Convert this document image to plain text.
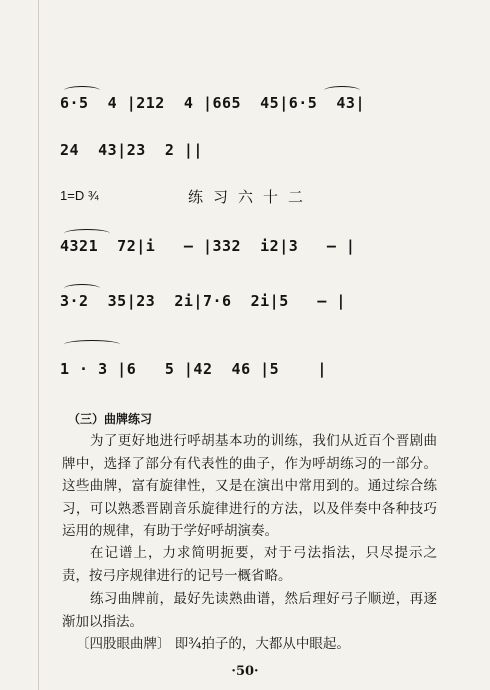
6·5  4 |212  4 |665  45|6·5  43|
24  43|23  2 ||
1=D ¾	练习六十二
4321  72|i   — |332  i2|3   — |
3·2  35|23  2i|7·6  2i|5   — |
1 · 3 |6   5 |42  46 |5    |
（三）曲牌练习
为了更好地进行呼胡基本功的训练，我们从近百个晋剧曲牌中，选择了部分有代表性的曲子，作为呼胡练习的一部分。这些曲牌，富有旋律性，又是在演出中常用到的。通过综合练习，可以熟悉晋剧音乐旋律进行的方法，以及伴奏中各种技巧运用的规律，有助于学好呼胡演奏。
在记谱上，力求简明扼要，对于弓法指法，只尽提示之责，按弓序规律进行的记号一概省略。
练习曲牌前，最好先读熟曲谱，然后理好弓子顺逆，再逐渐加以指法。
〔四股眼曲牌〕 即¾拍子的，大都从中眼起。
·50·
